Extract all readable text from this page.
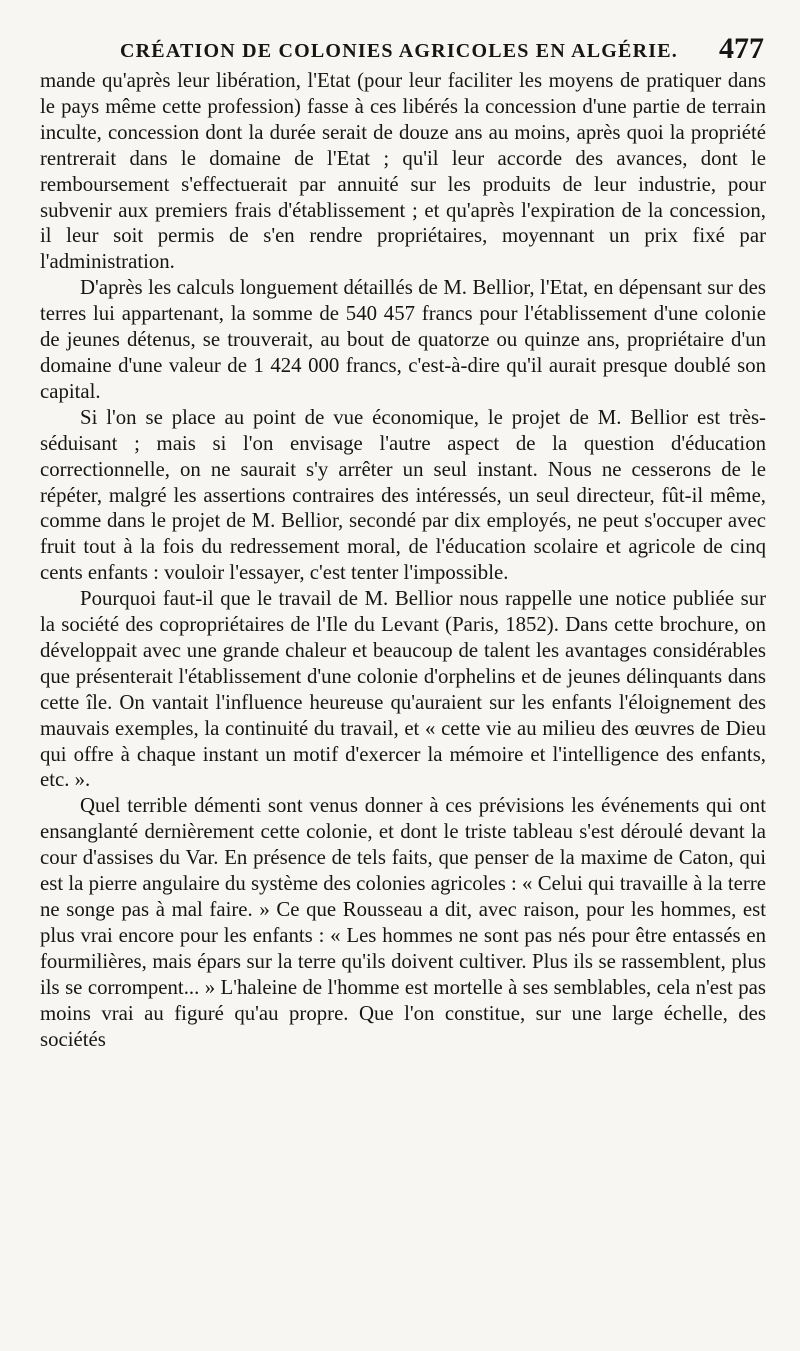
CRÉATION DE COLONIES AGRICOLES EN ALGÉRIE. 477

mande qu'après leur libération, l'Etat (pour leur faciliter les moyens de pratiquer dans le pays même cette profession) fasse à ces libérés la concession d'une partie de terrain inculte, concession dont la durée serait de douze ans au moins, après quoi la propriété rentrerait dans le domaine de l'Etat ; qu'il leur accorde des avances, dont le remboursement s'effectuerait par annuité sur les produits de leur industrie, pour subvenir aux premiers frais d'établissement ; et qu'après l'expiration de la concession, il leur soit permis de s'en rendre propriétaires, moyennant un prix fixé par l'administration.

D'après les calculs longuement détaillés de M. Bellior, l'Etat, en dépensant sur des terres lui appartenant, la somme de 540 457 francs pour l'établissement d'une colonie de jeunes détenus, se trouverait, au bout de quatorze ou quinze ans, propriétaire d'un domaine d'une valeur de 1 424 000 francs, c'est-à-dire qu'il aurait presque doublé son capital.

Si l'on se place au point de vue économique, le projet de M. Bellior est très-séduisant ; mais si l'on envisage l'autre aspect de la question d'éducation correctionnelle, on ne saurait s'y arrêter un seul instant. Nous ne cesserons de le répéter, malgré les assertions contraires des intéressés, un seul directeur, fût-il même, comme dans le projet de M. Bellior, secondé par dix employés, ne peut s'occuper avec fruit tout à la fois du redressement moral, de l'éducation scolaire et agricole de cinq cents enfants : vouloir l'essayer, c'est tenter l'impossible.

Pourquoi faut-il que le travail de M. Bellior nous rappelle une notice publiée sur la société des copropriétaires de l'Ile du Levant (Paris, 1852). Dans cette brochure, on développait avec une grande chaleur et beaucoup de talent les avantages considérables que présenterait l'établissement d'une colonie d'orphelins et de jeunes délinquants dans cette île. On vantait l'influence heureuse qu'auraient sur les enfants l'éloignement des mauvais exemples, la continuité du travail, et « cette vie au milieu des œuvres de Dieu qui offre à chaque instant un motif d'exercer la mémoire et l'intelligence des enfants, etc. ».

Quel terrible démenti sont venus donner à ces prévisions les événements qui ont ensanglanté dernièrement cette colonie, et dont le triste tableau s'est déroulé devant la cour d'assises du Var. En présence de tels faits, que penser de la maxime de Caton, qui est la pierre angulaire du système des colonies agricoles : « Celui qui travaille à la terre ne songe pas à mal faire. » Ce que Rousseau a dit, avec raison, pour les hommes, est plus vrai encore pour les enfants : « Les hommes ne sont pas nés pour être entassés en fourmilières, mais épars sur la terre qu'ils doivent cultiver. Plus ils se rassemblent, plus ils se corrompent... » L'haleine de l'homme est mortelle à ses semblables, cela n'est pas moins vrai au figuré qu'au propre. Que l'on constitue, sur une large échelle, des sociétés
